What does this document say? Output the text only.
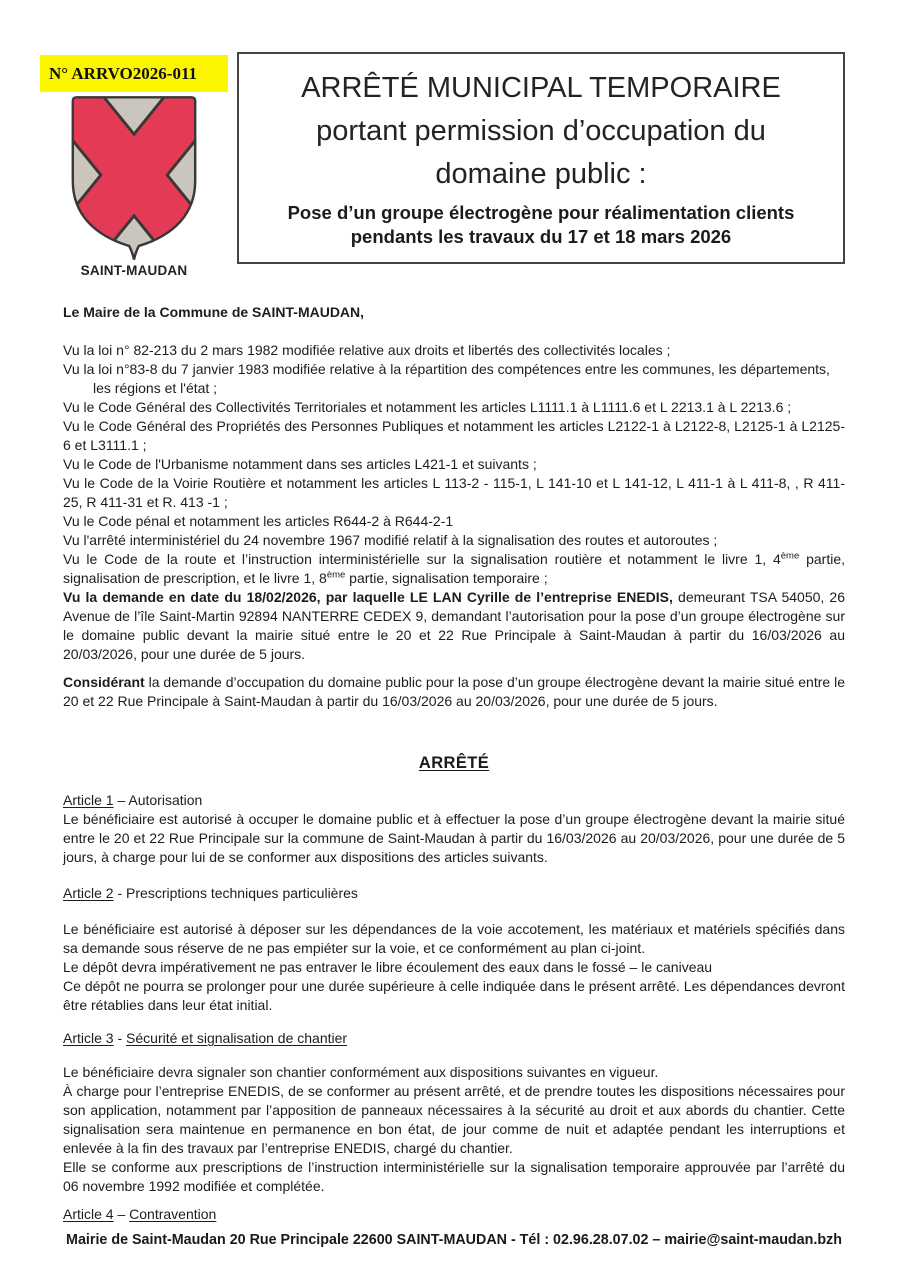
N° ARRVO2026-011
SAINT-MAUDAN
ARRÊTÉ MUNICIPAL TEMPORAIRE
portant permission d’occupation du
domaine public :
Pose d’un groupe électrogène pour réalimentation clients
pendants les travaux du 17 et 18 mars 2026

Le Maire de la Commune de SAINT-MAUDAN,

Vu la loi n° 82-213 du 2 mars 1982 modifiée relative aux droits et libertés des collectivités locales ;

Vu la loi n°83-8 du 7 janvier 1983 modifiée relative à la répartition des compétences entre les communes, les départements, les régions et l'état ;

Vu le Code Général des Collectivités Territoriales et notamment les articles L1111.1 à L1111.6 et L 2213.1 à L 2213.6 ;

Vu le Code Général des Propriétés des Personnes Publiques et notamment les articles L2122-1 à L2122-8, L2125-1 à L2125-6 et L3111.1 ;

Vu le Code de l'Urbanisme notamment dans ses articles L421-1 et suivants ;

Vu le Code de la Voirie Routière et notamment les articles L 113-2 - 115-1, L 141-10 et L 141-12, L 411-1 à L 411-8, , R 411-25, R 411-31 et R. 413 -1 ;

Vu le Code pénal et notamment les articles R644-2 à R644-2-1

Vu l'arrêté interministériel du 24 novembre 1967 modifié relatif à la signalisation des routes et autoroutes ;

Vu le Code de la route et l’instruction interministérielle sur la signalisation routière et notamment le livre 1, 4ème partie, signalisation de prescription, et le livre 1, 8ème partie, signalisation temporaire ;

Vu la demande en date du 18/02/2026, par laquelle LE LAN Cyrille de l’entreprise ENEDIS, demeurant TSA 54050, 26 Avenue de l’île Saint-Martin 92894 NANTERRE CEDEX 9, demandant l’autorisation pour la pose d’un groupe électrogène sur le domaine public devant la mairie situé entre le 20 et 22 Rue Principale à Saint-Maudan à partir du 16/03/2026 au 20/03/2026, pour une durée de 5 jours.

Considérant la demande d’occupation du domaine public pour la pose d’un groupe électrogène devant la mairie situé entre le 20 et 22 Rue Principale à Saint-Maudan à partir du 16/03/2026 au 20/03/2026, pour une durée de 5 jours.

ARRÊTÉ

Article 1 – Autorisation

Le bénéficiaire est autorisé à occuper le domaine public et à effectuer la pose d’un groupe électrogène devant la mairie situé entre le 20 et 22 Rue Principale sur la commune de Saint-Maudan à partir du 16/03/2026 au 20/03/2026, pour une durée de 5 jours, à charge pour lui de se conformer aux dispositions des articles suivants.

Article 2 - Prescriptions techniques particulières

Le bénéficiaire est autorisé à déposer sur les dépendances de la voie accotement, les matériaux et matériels spécifiés dans sa demande sous réserve de ne pas empiéter sur la voie, et ce conformément au plan ci-joint.

Le dépôt devra impérativement ne pas entraver le libre écoulement des eaux dans le fossé – le caniveau

Ce dépôt ne pourra se prolonger pour une durée supérieure à celle indiquée dans le présent arrêté. Les dépendances devront être rétablies dans leur état initial.

Article 3 - Sécurité et signalisation de chantier

Le bénéficiaire devra signaler son chantier conformément aux dispositions suivantes en vigueur.

À charge pour l’entreprise ENEDIS, de se conformer au présent arrêté, et de prendre toutes les dispositions nécessaires pour son application, notamment par l’apposition de panneaux nécessaires à la sécurité au droit et aux abords du chantier. Cette signalisation sera maintenue en permanence en bon état, de jour comme de nuit et adaptée pendant les interruptions et enlevée à la fin des travaux par l’entreprise ENEDIS, chargé du chantier.

Elle se conforme aux prescriptions de l’instruction interministérielle sur la signalisation temporaire approuvée par l’arrêté du 06 novembre 1992 modifiée et complétée.

Article 4 – Contravention

Mairie de Saint-Maudan 20 Rue Principale 22600 SAINT-MAUDAN - Tél : 02.96.28.07.02 – mairie@saint-maudan.bzh
